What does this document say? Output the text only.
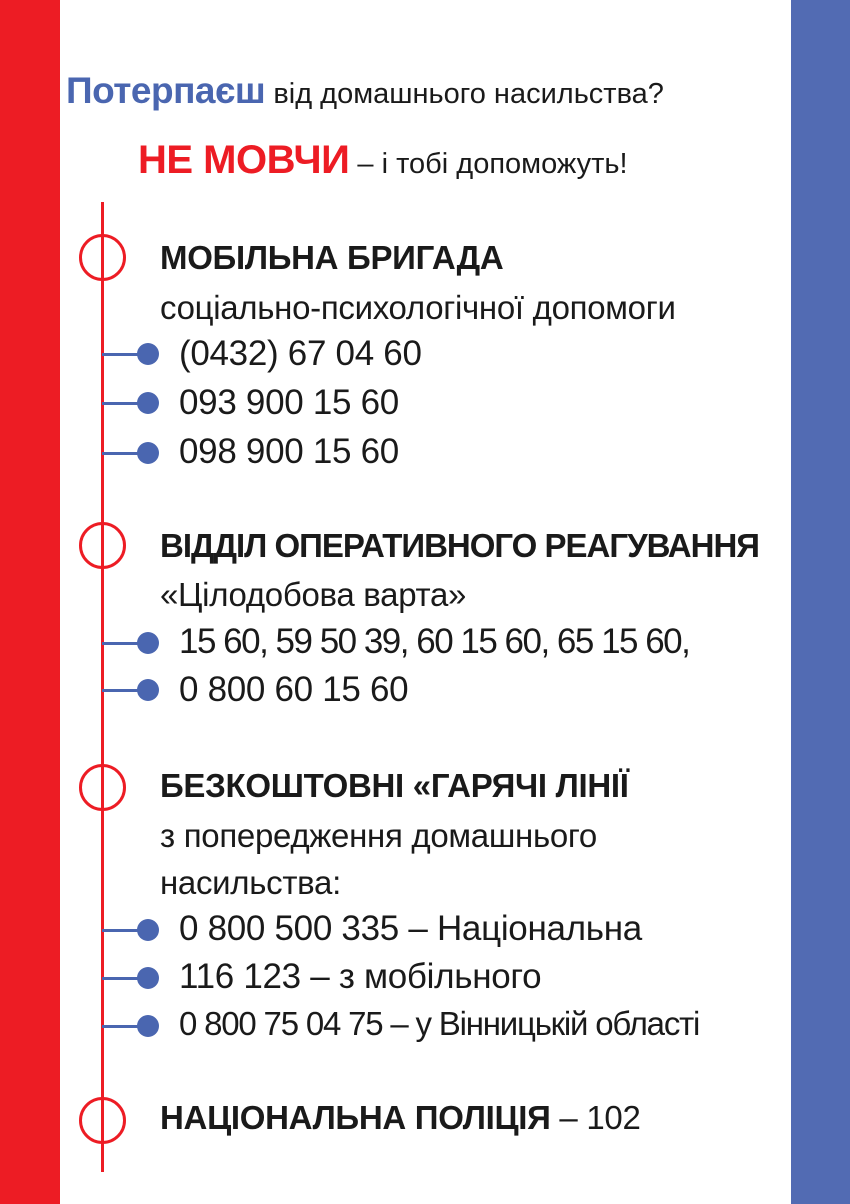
Потерпаєш від домашнього насильства?
НЕ МОВЧИ – і тобі допоможуть!
МОБІЛЬНА БРИГАДА
соціально-психологічної допомоги
(0432) 67 04 60
093 900 15 60
098 900 15 60
ВІДДІЛ ОПЕРАТИВНОГО РЕАГУВАННЯ
«Цілодобова варта»
15 60, 59 50 39, 60 15 60, 65 15 60,
0 800 60 15 60
БЕЗКОШТОВНІ «ГАРЯЧІ ЛІНІЇ
з попередження домашнього
насильства:
0 800 500 335 – Національна
116 123 – з мобільного
0 800 75 04 75 – у Вінницькій області
НАЦІОНАЛЬНА ПОЛІЦІЯ – 102
